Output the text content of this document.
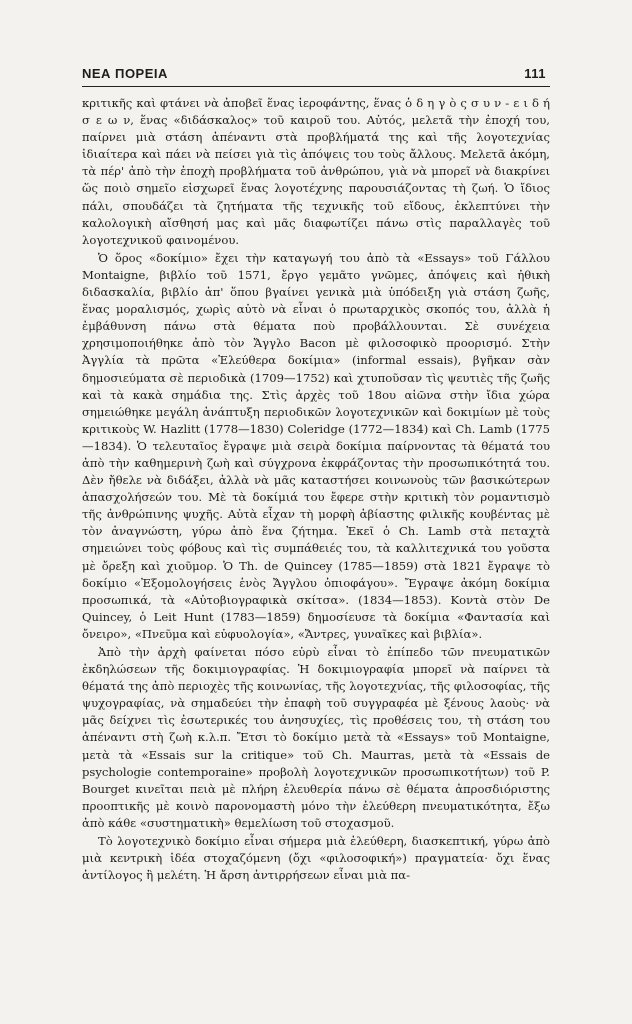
ΝΕΑ ΠΟΡΕΙΑ	111

κριτικῆς καὶ φτάνει νὰ ἀποβεῖ ἕνας ἱεροφάντης, ἕνας ὁ δ η γ ὸ ς σ υ ν - ε ι δ ή σ ε ω ν, ἕνας «διδάσκαλος» τοῦ καιροῦ του. Αὐτός, μελετᾶ τὴν ἐποχή του, παίρνει μιὰ στάση ἀπέναντι στὰ προβλήματά της καὶ τῆς λογοτεχνίας ἰδιαίτερα καὶ πάει νὰ πείσει γιὰ τὶς ἀπόψεις του τοὺς ἄλλους. Μελετᾶ ἀκόμη, τὰ πέρ' ἀπὸ τὴν ἐποχὴ προβλήματα τοῦ ἀνθρώπου, γιὰ νὰ μπορεῖ νὰ διακρίνει ὥς ποιὸ σημεῖο εἰσχωρεῖ ἕνας λογοτέχνης παρουσιάζοντας τὴ ζωή. Ὁ ἴδιος πάλι, σπουδάζει τὰ ζητήματα τῆς τεχνικῆς τοῦ εἴδους, ἐκλεπτύνει τὴν καλολογικὴ αἴσθησή μας καὶ μᾶς διαφωτίζει πάνω στὶς παραλλαγὲς τοῦ λογοτεχνικοῦ φαινομένου.

Ὁ ὅρος «δοκίμιο» ἔχει τὴν καταγωγή του ἀπὸ τὰ «Essays» τοῦ Γάλλου Montaigne, βιβλίο τοῦ 1571, ἔργο γεμᾶτο γνῶμες, ἀπόψεις καὶ ἠθικὴ διδασκαλία, βιβλίο ἀπ' ὅπου βγαίνει γενικὰ μιὰ ὑπόδειξη γιὰ στάση ζωῆς, ἕνας μοραλισμός, χωρὶς αὐτὸ νὰ εἶναι ὁ πρωταρχικὸς σκοπός του, ἀλλὰ ἡ ἐμβάθυνση πάνω στὰ θέματα ποὺ προβάλλουνται. Σὲ συνέχεια χρησιμοποιήθηκε ἀπὸ τὸν Ἄγγλο Bacon μὲ φιλοσοφικὸ προορισμό. Στὴν Ἀγγλία τὰ πρῶτα «Ἐλεύθερα δοκίμια» (informal essais), βγῆκαν σὰν δημοσιεύματα σὲ περιοδικὰ (1709—1752) καὶ χτυποῦσαν τὶς ψευτιὲς τῆς ζωῆς καὶ τὰ κακὰ σημάδια της. Στὶς ἀρχὲς τοῦ 18ου αἰῶνα στὴν ἴδια χώρα σημειώθηκε μεγάλη ἀνάπτυξη περιοδικῶν λογοτεχνικῶν καὶ δοκιμίων μὲ τοὺς κριτικοὺς W. Hazlitt (1778—1830) Coleridge (1772—1834) καὶ Ch. Lamb (1775—1834). Ὁ τελευταῖος ἔγραψε μιὰ σειρὰ δοκίμια παίρνοντας τὰ θέματά του ἀπὸ τὴν καθημερινὴ ζωὴ καὶ σύγχρονα ἐκφράζοντας τὴν προσωπικότητά του. Δὲν ἤθελε νὰ διδάξει, ἀλλὰ νὰ μᾶς καταστήσει κοινωνοὺς τῶν βασικώτερων ἀπασχολήσεών του. Μὲ τὰ δοκίμιά του ἔφερε στὴν κριτικὴ τὸν ρομαντισμὸ τῆς ἀνθρώπινης ψυχῆς. Αὐτὰ εἶχαν τὴ μορφὴ ἀβίαστης φιλικῆς κουβέντας μὲ τὸν ἀναγνώστη, γύρω ἀπὸ ἕνα ζήτημα. Ἐκεῖ ὁ Ch. Lamb στὰ πεταχτὰ σημειώνει τοὺς φόβους καὶ τὶς συμπάθειές του, τὰ καλλιτεχνικά του γοῦστα μὲ ὄρεξη καὶ χιοῦμορ. Ὁ Th. de Quincey (1785—1859) στὰ 1821 ἔγραψε τὸ δοκίμιο «Ἐξομολογήσεις ἑνὸς Ἄγγλου ὀπιοφάγου». Ἔγραψε ἀκόμη δοκίμια προσωπικά, τὰ «Αὐτοβιογραφικὰ σκίτσα». (1834—1853). Κοντὰ στὸν De Quincey, ὁ Leit Hunt (1783—1859) δημοσίευσε τὰ δοκίμια «Φαντασία καὶ ὄνειρο», «Πνεῦμα καὶ εὐφυολογία», «Ἄντρες, γυναῖκες καὶ βιβλία».

Ἀπὸ τὴν ἀρχὴ φαίνεται πόσο εὐρὺ εἶναι τὸ ἐπίπεδο τῶν πνευματικῶν ἐκδηλώσεων τῆς δοκιμιογραφίας. Ἡ δοκιμιογραφία μπορεῖ νὰ παίρνει τὰ θέματά της ἀπὸ περιοχὲς τῆς κοινωνίας, τῆς λογοτεχνίας, τῆς φιλοσοφίας, τῆς ψυχογραφίας, νὰ σημαδεύει τὴν ἐπαφὴ τοῦ συγγραφέα μὲ ξένους λαοὺς· νὰ μᾶς δείχνει τὶς ἐσωτερικές του ἀνησυχίες, τὶς προθέσεις του, τὴ στάση του ἀπέναντι στὴ ζωὴ κ.λ.π. Ἔτσι τὸ δοκίμιο μετὰ τὰ «Essays» τοῦ Montaigne, μετὰ τὰ «Essais sur la critique» τοῦ Ch. Maurras, μετὰ τὰ «Essais de psychologie contemporaine» προβολὴ λογοτεχνικῶν προσωπικοτήτων) τοῦ P. Bourget κινεῖται πειὰ μὲ πλήρη ἐλευθερία πάνω σὲ θέματα ἀπροσδιόριστης προοπτικῆς μὲ κοινὸ παρονομαστὴ μόνο τὴν ἐλεύθερη πνευματικότητα, ἔξω ἀπὸ κάθε «συστηματικὴ» θεμελίωση τοῦ στοχασμοῦ.

Τὸ λογοτεχνικὸ δοκίμιο εἶναι σήμερα μιὰ ἐλεύθερη, διασκεπτική, γύρω ἀπὸ μιὰ κεντρικὴ ἰδέα στοχαζόμενη (ὄχι «φιλοσοφική») πραγματεία· ὄχι ἕνας ἀντίλογος ἢ μελέτη. Ἡ ἄρση ἀντιρρήσεων εἶναι μιὰ πα-
